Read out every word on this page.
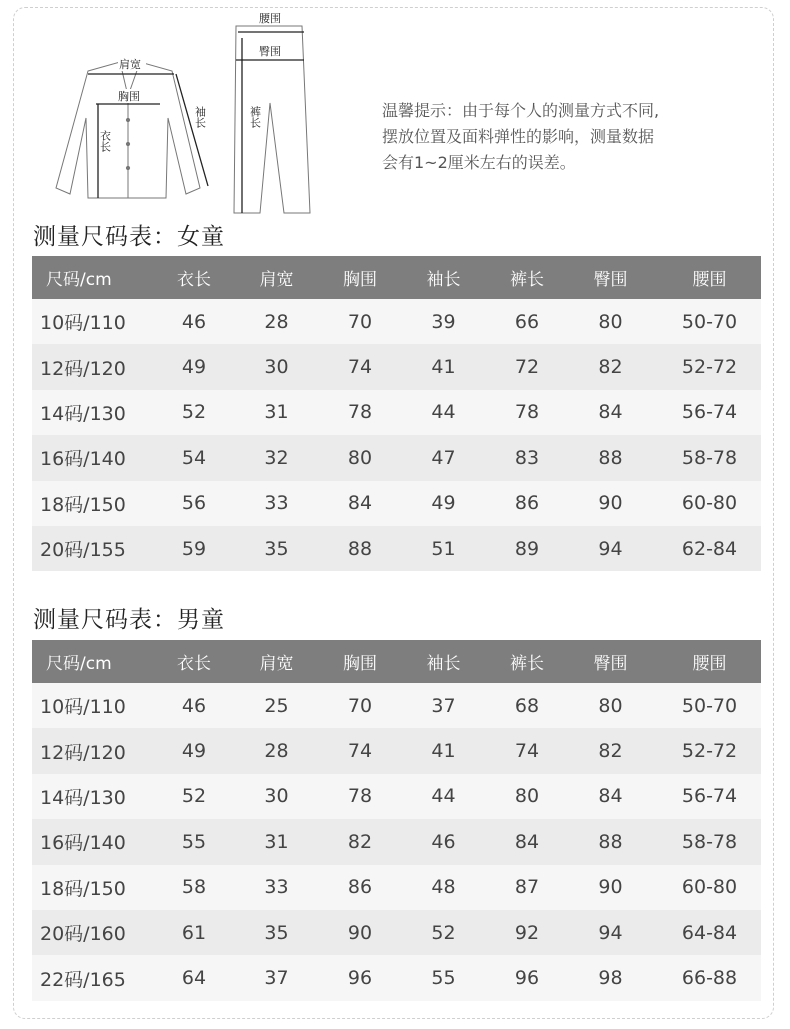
肩宽
胸围
衣长
袖长
腰围
臀围
裤长	温馨提示：由于每个人的测量方式不同,
摆放位置及面料弹性的影响，测量数据
会有1~2厘米左右的误差。
测量尺码表：女童
尺码/cm	衣长	肩宽	胸围	袖长	裤长	臀围	腰围
10码/110	46	28	70	39	66	80	50-70
12码/120	49	30	74	41	72	82	52-72
14码/130	52	31	78	44	78	84	56-74
16码/140	54	32	80	47	83	88	58-78
18码/150	56	33	84	49	86	90	60-80
20码/155	59	35	88	51	89	94	62-84
测量尺码表：男童
尺码/cm	衣长	肩宽	胸围	袖长	裤长	臀围	腰围
10码/110	46	25	70	37	68	80	50-70
12码/120	49	28	74	41	74	82	52-72
14码/130	52	30	78	44	80	84	56-74
16码/140	55	31	82	46	84	88	58-78
18码/150	58	33	86	48	87	90	60-80
20码/160	61	35	90	52	92	94	64-84
22码/165	64	37	96	55	96	98	66-88
